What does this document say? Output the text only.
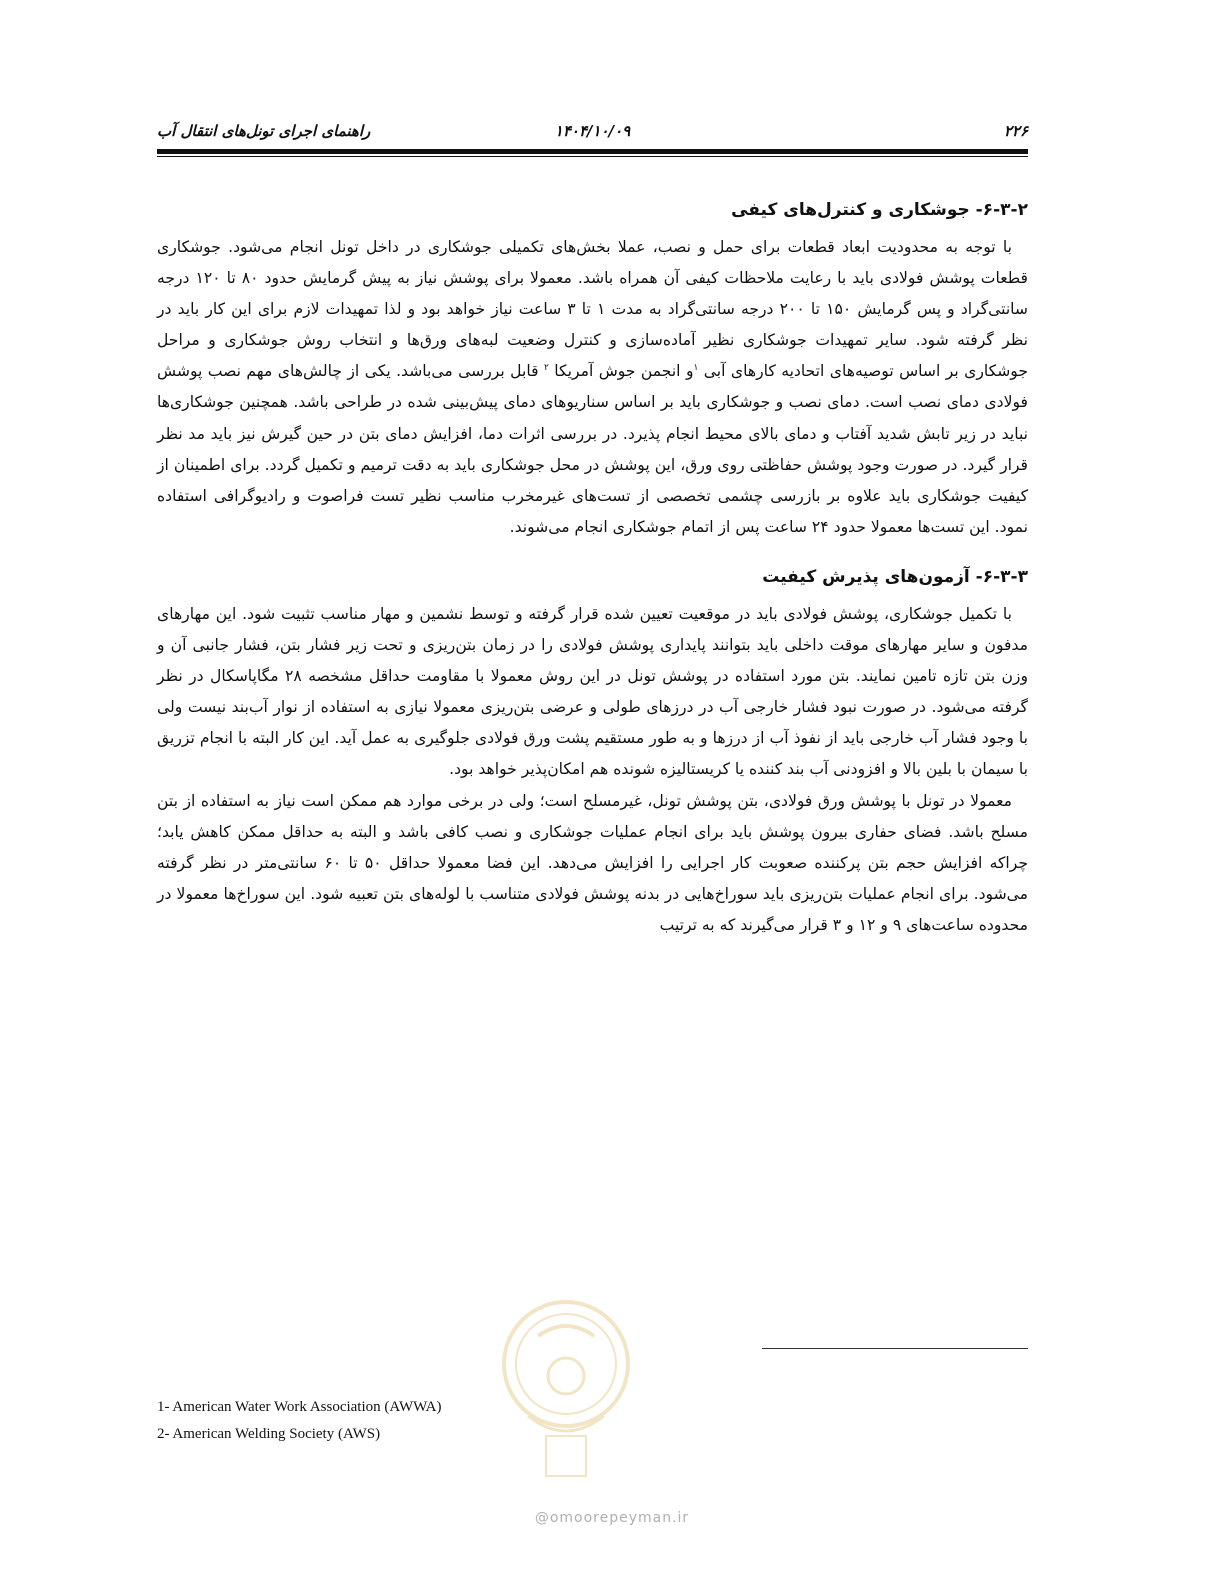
۲۲۶
۱۴۰۴/۱۰/۰۹
راهنمای اجرای تونل‌های انتقال آب
۶-۳-۲- جوشکاری و کنترل‌های کیفی

با توجه به محدودیت ابعاد قطعات برای حمل و نصب، عملا بخش‌های تکمیلی جوشکاری در داخل تونل انجام می‌شود. جوشکاری قطعات پوشش فولادی باید با رعایت ملاحظات کیفی آن همراه باشد. معمولا برای پوشش نیاز به پیش گرمایش حدود ۸۰ تا ۱۲۰ درجه سانتی‌گراد و پس گرمایش ۱۵۰ تا ۲۰۰ درجه سانتی‌گراد به مدت ۱ تا ۳ ساعت نیاز خواهد بود و لذا تمهیدات لازم برای این کار باید در نظر گرفته شود. سایر تمهیدات جوشکاری نظیر آماده‌سازی و کنترل وضعیت لبه‌های ورق‌ها و انتخاب روش جوشکاری و مراحل جوشکاری بر اساس توصیه‌های اتحادیه کارهای آبی $^۱$و انجمن جوش آمریکا $^۲$ قابل بررسی می‌باشد. یکی از چالش‌های مهم نصب پوشش فولادی دمای نصب است. دمای نصب و جوشکاری باید بر اساس سناریوهای دمای پیش‌بینی شده در طراحی باشد. همچنین جوشکاری‌ها نباید در زیر تابش شدید آفتاب و دمای بالای محیط انجام پذیرد. در بررسی اثرات دما، افزایش دمای بتن در حین گیرش نیز باید مد نظر قرار گیرد. در صورت وجود پوشش حفاظتی روی ورق، این پوشش در محل جوشکاری باید به دقت ترمیم و تکمیل گردد. برای اطمینان از کیفیت جوشکاری باید علاوه بر بازرسی چشمی تخصصی از تست‌های غیرمخرب مناسب نظیر تست فراصوت و رادیوگرافی استفاده نمود. این تست‌ها معمولا حدود ۲۴ ساعت پس از اتمام جوشکاری انجام می‌شوند.

۶-۳-۳- آزمون‌های پذیرش کیفیت

با تکمیل جوشکاری، پوشش فولادی باید در موقعیت تعیین شده قرار گرفته و توسط نشمین و مهار مناسب تثبیت شود. این مهارهای مدفون و سایر مهارهای موقت داخلی باید بتوانند پایداری پوشش فولادی را در زمان بتن‌ریزی و تحت زیر فشار بتن، فشار جانبی آن و وزن بتن تازه تامین نمایند. بتن مورد استفاده در پوشش تونل در این روش معمولا با مقاومت حداقل مشخصه ۲۸ مگاپاسکال در نظر گرفته می‌شود. در صورت نبود فشار خارجی آب در درزهای طولی و عرضی بتن‌ریزی معمولا نیازی به استفاده از نوار آب‌بند نیست ولی با وجود فشار آب خارجی باید از نفوذ آب از درزها و به طور مستقیم پشت ورق فولادی جلوگیری به عمل آید. این کار البته با انجام تزریق با سیمان با بلین بالا و افزودنی آب بند کننده یا کریستالیزه شونده هم امکان‌پذیر خواهد بود.

معمولا در تونل با پوشش ورق فولادی، بتن پوشش تونل، غیرمسلح است؛ ولی در برخی موارد هم ممکن است نیاز به استفاده از بتن مسلح باشد. فضای حفاری بیرون پوشش باید برای انجام عملیات جوشکاری و نصب کافی باشد و البته به حداقل ممکن کاهش یابد؛ چراکه افزایش حجم بتن پرکننده صعوبت کار اجرایی را افزایش می‌دهد. این فضا معمولا حداقل ۵۰ تا ۶۰ سانتی‌متر در نظر گرفته می‌شود. برای انجام عملیات بتن‌ریزی باید سوراخ‌هایی در بدنه پوشش فولادی متناسب با لوله‌های بتن تعبیه شود. این سوراخ‌ها معمولا در محدوده ساعت‌های ۹ و ۱۲ و ۳ قرار می‌گیرند که به ترتیب

1- American Water Work Association (AWWA)
2- American Welding Society (AWS)
@omoorepeyman.ir
